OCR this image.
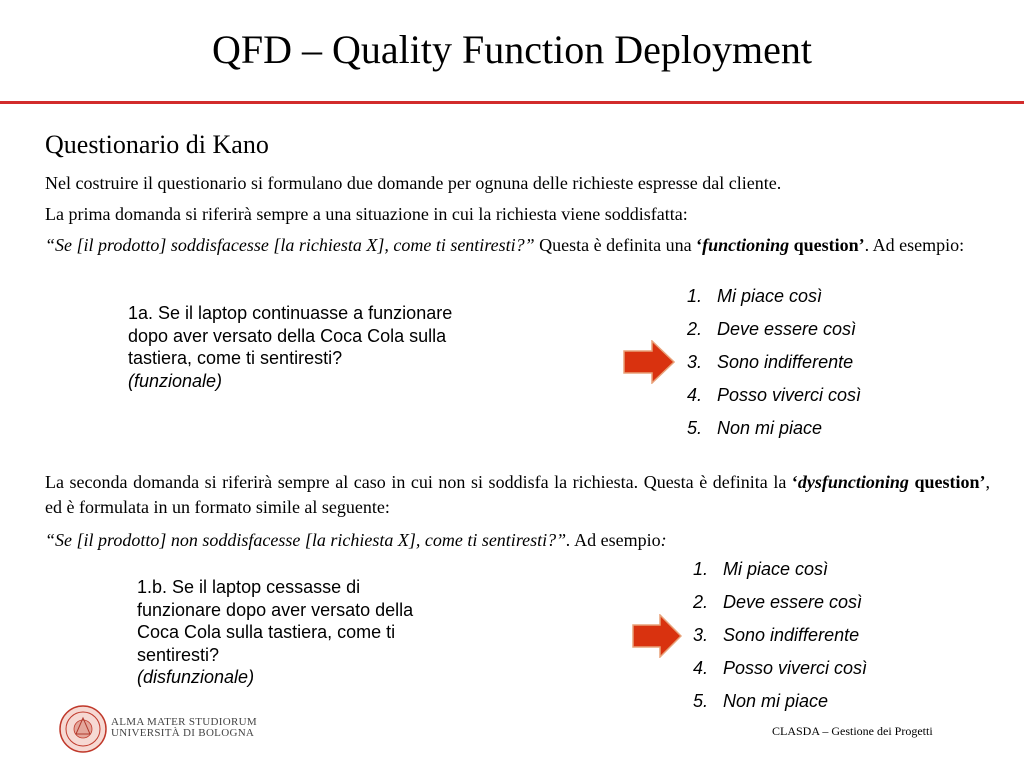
QFD – Quality Function Deployment
Questionario di Kano
Nel costruire il questionario si formulano due domande per ognuna delle richieste espresse dal cliente.
La prima domanda si riferirà sempre a una situazione in cui la richiesta viene soddisfatta:
“Se [il prodotto] soddisfacesse [la richiesta X], come ti sentiresti?” Questa è definita una ‘functioning question’. Ad esempio:
1a. Se il laptop continuasse a funzionare dopo aver versato della Coca Cola sulla tastiera, come ti sentiresti?
(funzionale)
1. Mi piace così
2. Deve essere così
3. Sono indifferente
4. Posso viverci così
5. Non mi piace
La seconda domanda si riferirà sempre al caso in cui non si soddisfa la richiesta. Questa è definita la ‘dysfunctioning question’, ed è formulata in un formato simile al seguente:
“Se [il prodotto] non soddisfacesse [la richiesta X], come ti sentiresti?”. Ad esempio:
1.b. Se il laptop cessasse di funzionare dopo aver versato della Coca Cola sulla tastiera, come ti sentiresti?
(disfunzionale)
1. Mi piace così
2. Deve essere così
3. Sono indifferente
4. Posso viverci così
5. Non mi piace
ALMA MATER STUDIORUM
UNIVERSITÀ DI BOLOGNA	CLASDA – Gestione dei Progetti
